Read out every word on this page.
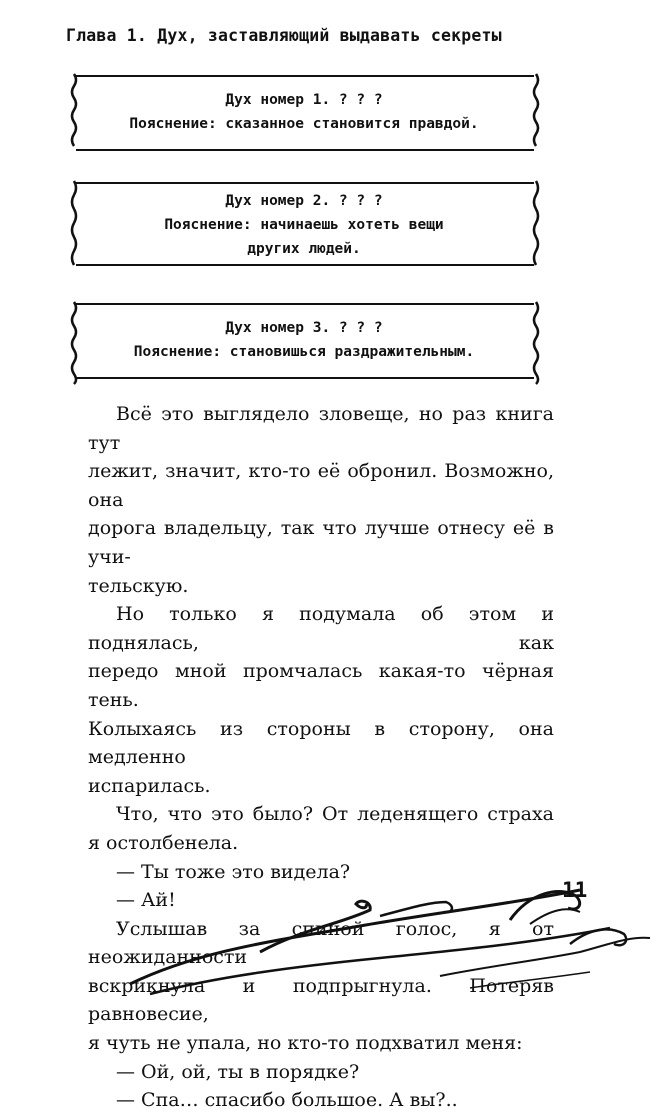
Глава 1. Дух, заставляющий выдавать секреты
Дух номер 1. ? ? ?
Пояснение: сказанное становится правдой.
Дух номер 2. ? ? ?
Пояснение: начинаешь хотеть вещи
других людей.
Дух номер 3. ? ? ?
Пояснение: становишься раздражительным.

Всё это выглядело зловеще, но раз книга тут

лежит, значит, кто-то её обронил. Возможно, она

дорога владельцу, так что лучше отнесу её в учи-

тельскую.

Но только я подумала об этом и поднялась, как

передо мной промчалась какая-то чёрная тень.

Колыхаясь из стороны в сторону, она медленно

испарилась.

Что, что это было? От леденящего страха

я остолбенела.

— Ты тоже это видела?

— Ай!

Услышав за спиной голос, я от неожиданности

вскрикнула и подпрыгнула. Потеряв равновесие,

я чуть не упала, но кто-то подхватил меня:

— Ой, ой, ты в порядке?

— Спа… спасибо большое. А вы?..

11
